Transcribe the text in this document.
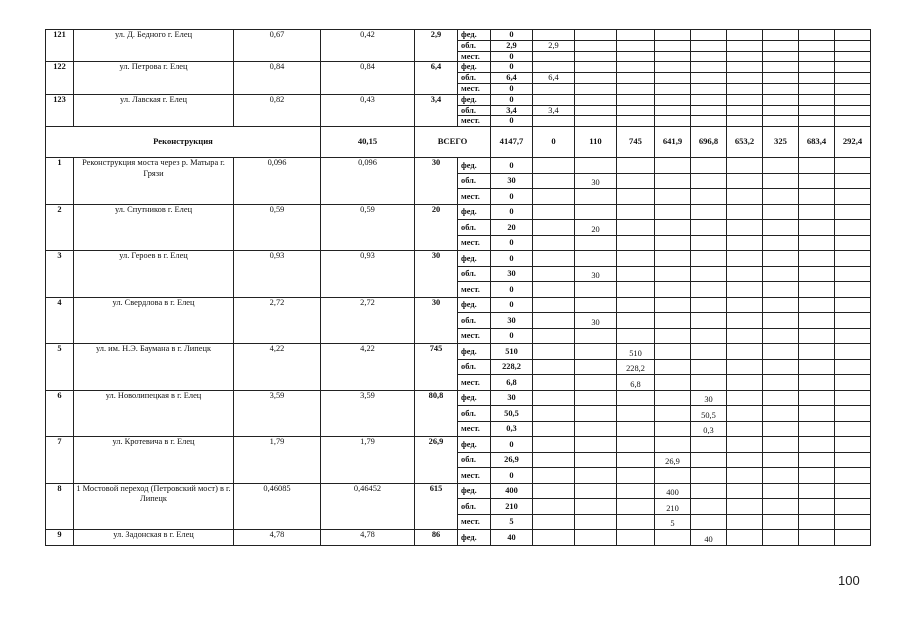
121	ул. Д. Бедного г. Елец	0,67	0,42	2,9	фед.	0									
					обл.	2,9	2,9								
					мест.	0									
122	ул. Петрова г. Елец	0,84	0,84	6,4	фед.	0									
					обл.	6,4	6,4								
					мест.	0									
123	ул. Лавская г. Елец	0,82	0,43	3,4	фед.	0									
					обл.	3,4	3,4								
					мест.	0									
Реконструкция			40,15	ВСЕГО		4147,7	0	110	745	641,9	696,8	653,2	325	683,4	292,4
1	Реконструкция моста через р. Матыра г. Грязи	0,096	0,096	30	фед.	0									
					обл.	30		30							
					мест.	0									
2	ул. Спутников г. Елец	0,59	0,59	20	фед.	0									
					обл.	20		20							
					мест.	0									
3	ул. Героев в г. Елец	0,93	0,93	30	фед.	0									
					обл.	30		30							
					мест.	0									
4	ул. Свердлова в г. Елец	2,72	2,72	30	фед.	0									
					обл.	30		30							
					мест.	0									
5	ул. им. Н.Э. Баумана в г. Липецк	4,22	4,22	745	фед.	510			510						
					обл.	228,2			228,2						
					мест.	6,8			6,8						
6	ул. Новолипецкая в г. Елец	3,59	3,59	80,8	фед.	30					30				
					обл.	50,5					50,5				
					мест.	0,3					0,3				
7	ул. Кротевича в г. Елец	1,79	1,79	26,9	фед.	0									
					обл.	26,9				26,9					
					мест.	0									
8	1 Мостовой переход (Петровский мост) в г. Липецк	0,46085	0,46452	615	фед.	400				400					
					обл.	210				210					
					мест.	5				5					
9	ул. Задонская в г. Елец	4,78	4,78	86	фед.	40					40				
100
